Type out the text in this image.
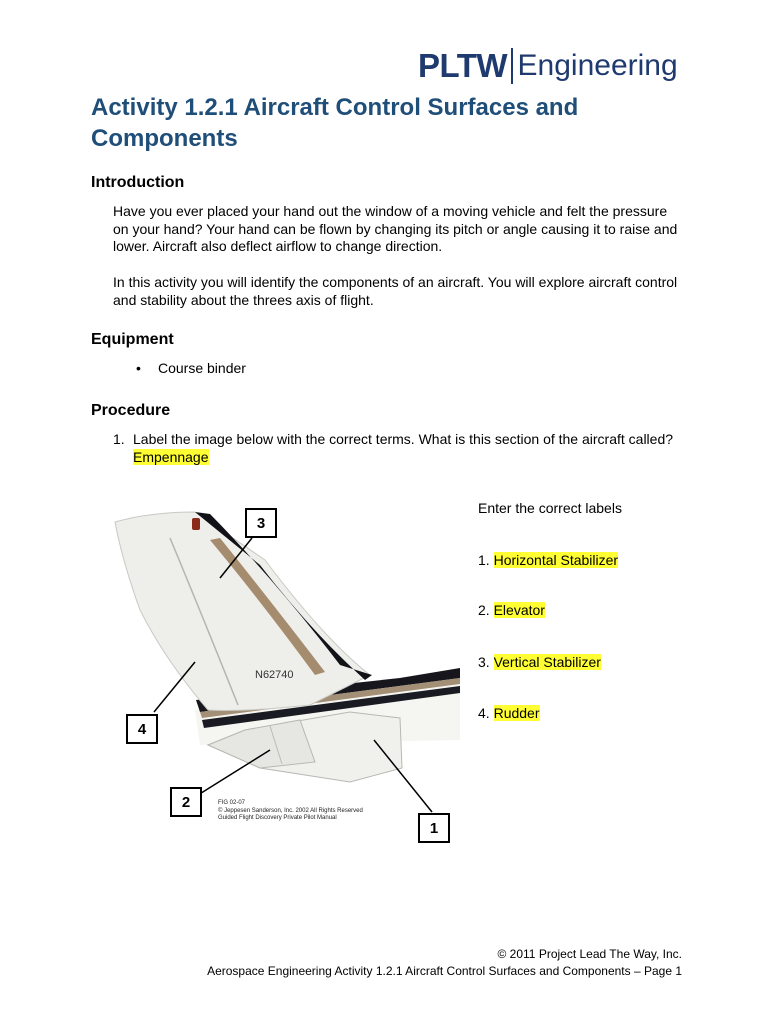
PLTW Engineering
Activity 1.2.1 Aircraft Control Surfaces and Components
Introduction

Have you ever placed your hand out the window of a moving vehicle and felt the pressure on your hand? Your hand can be flown by changing its pitch or angle causing it to raise and lower. Aircraft also deflect airflow to change direction.

In this activity you will identify the components of an aircraft. You will explore aircraft control and stability about the threes axis of flight.

Equipment
•	Course binder
Procedure
1. Label the image below with the correct terms. What is this section of the aircraft called? Empennage
N62740
3
4
2
1
FIG 02-07
© Jeppesen Sanderson, Inc. 2002 All Rights Reserved
Guided Flight Discovery Private Pilot Manual
Enter the correct labels
1. Horizontal Stabilizer
2. Elevator
3. Vertical Stabilizer
4. Rudder
© 2011 Project Lead The Way, Inc.
Aerospace Engineering Activity 1.2.1 Aircraft Control Surfaces and Components – Page 1
